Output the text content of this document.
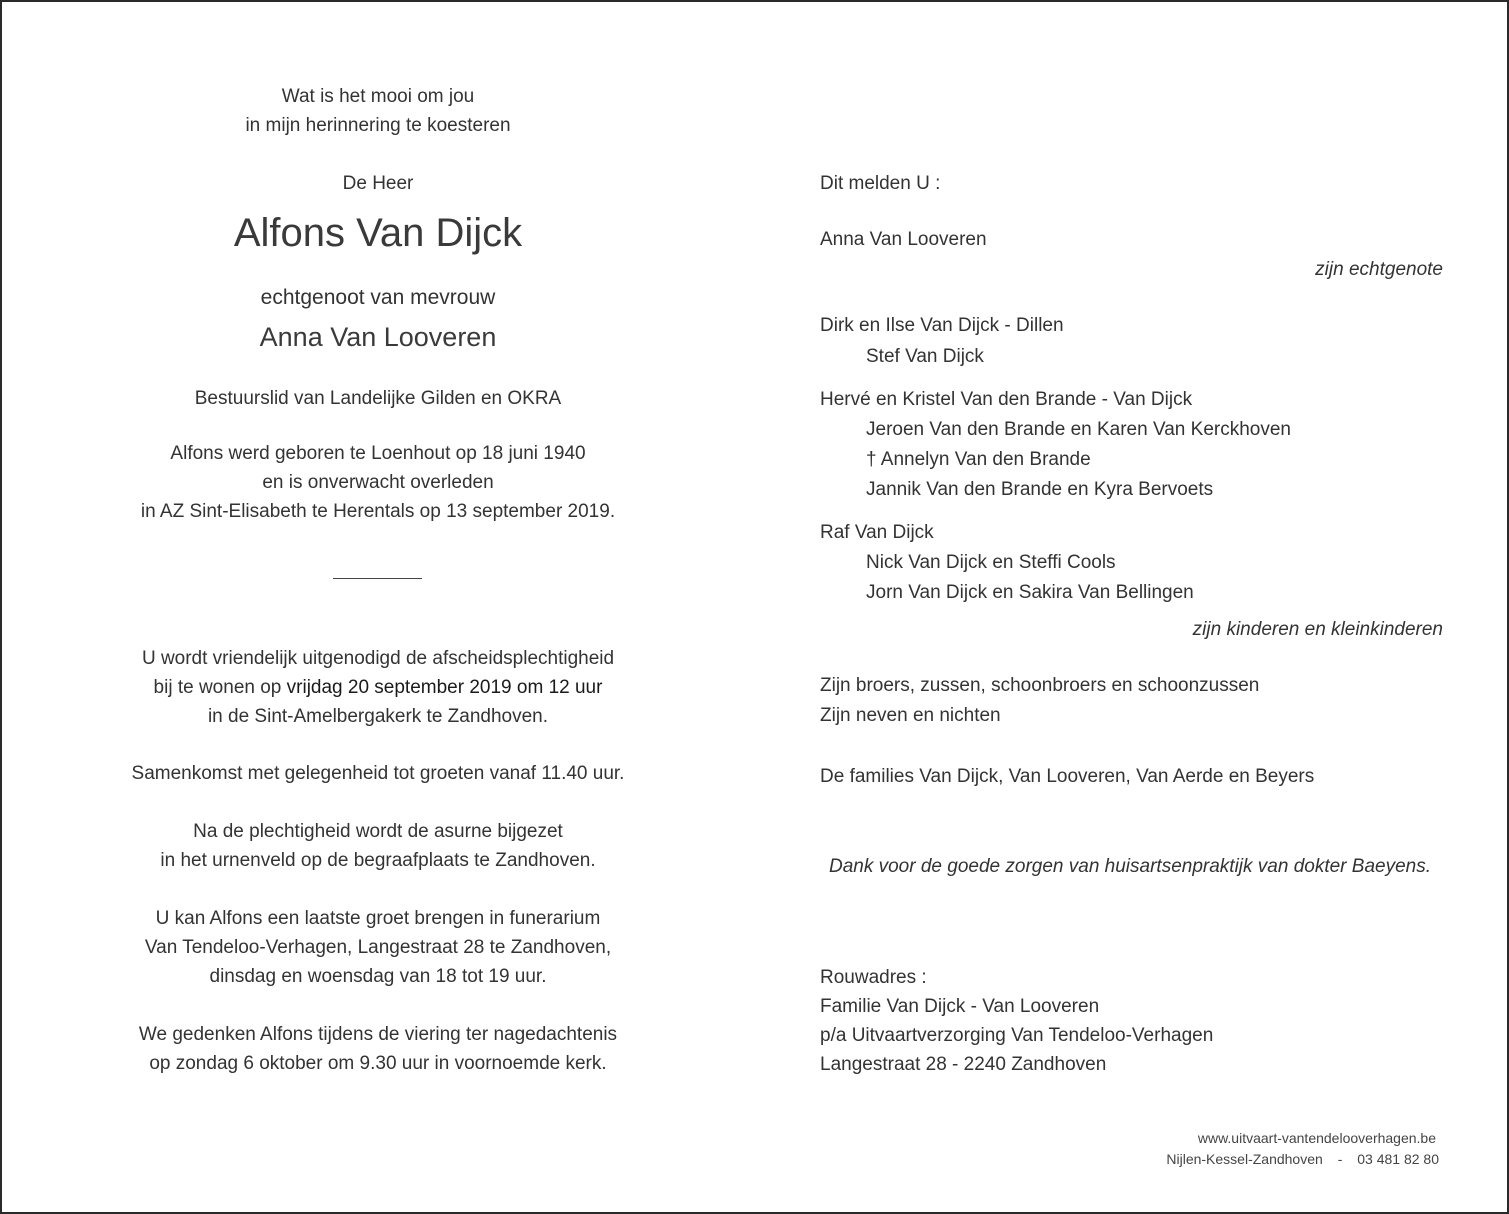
Wat is het mooi om jou
in mijn herinnering te koesteren
De Heer
Alfons Van Dijck
echtgenoot van mevrouw
Anna Van Looveren
Bestuurslid van Landelijke Gilden en OKRA
Alfons werd geboren te Loenhout op 18 juni 1940
en is onverwacht overleden
in AZ Sint-Elisabeth te Herentals op 13 september 2019.
U wordt vriendelijk uitgenodigd de afscheidsplechtigheid
bij te wonen op vrijdag 20 september 2019 om 12 uur
in de Sint-Amelbergakerk te Zandhoven.
Samenkomst met gelegenheid tot groeten vanaf 11.40 uur.
Na de plechtigheid wordt de asurne bijgezet
in het urnenveld op de begraafplaats te Zandhoven.
U kan Alfons een laatste groet brengen in funerarium
Van Tendeloo-Verhagen, Langestraat 28 te Zandhoven,
dinsdag en woensdag van 18 tot 19 uur.
We gedenken Alfons tijdens de viering ter nagedachtenis
op zondag 6 oktober om 9.30 uur in voornoemde kerk.
Dit melden U :
Anna Van Looveren
zijn echtgenote
Dirk en Ilse Van Dijck - Dillen
Stef Van Dijck
Hervé en Kristel Van den Brande - Van Dijck
Jeroen Van den Brande en Karen Van Kerckhoven
† Annelyn Van den Brande
Jannik Van den Brande en Kyra Bervoets
Raf Van Dijck
Nick Van Dijck en Steffi Cools
Jorn Van Dijck en Sakira Van Bellingen
zijn kinderen en kleinkinderen
Zijn broers, zussen, schoonbroers en schoonzussen
Zijn neven en nichten
De families Van Dijck, Van Looveren, Van Aerde en Beyers
Dank voor de goede zorgen van huisartsenpraktijk van dokter Baeyens.
Rouwadres :
Familie Van Dijck - Van Looveren
p/a Uitvaartverzorging Van Tendeloo-Verhagen
Langestraat 28 - 2240 Zandhoven
www.uitvaart-vantendelooverhagen.be
Nijlen-Kessel-Zandhoven - 03 481 82 80
